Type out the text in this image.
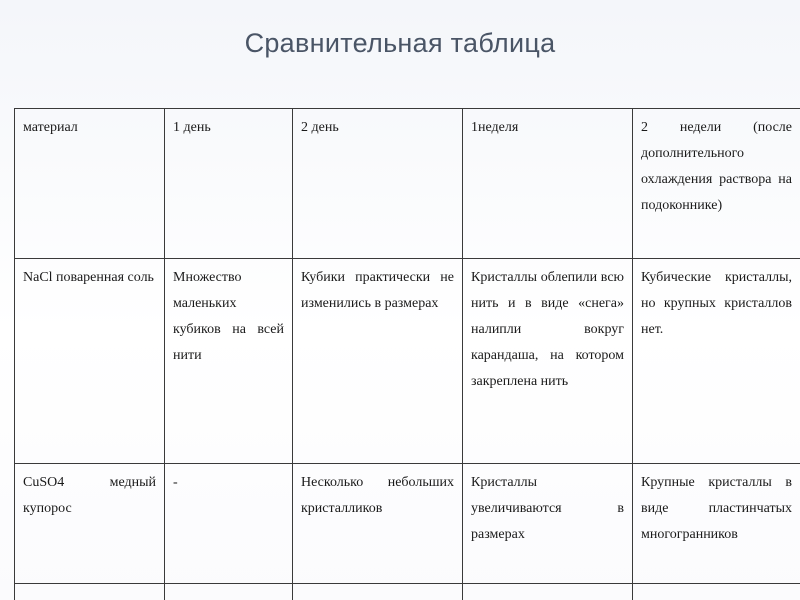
Сравнительная таблица
материал	1 день	2 день	1неделя	2 недели (после дополнительного охлаждения раствора на подоконнике)

NaCl поваренная соль	Множество маленьких кубиков на всей нити	Кубики практически не изменились в размерах	Кристаллы облепили всю нить и в виде «снега» налипли вокруг карандаша, на котором закреплена нить	Кубические кристаллы, но крупных кристаллов нет.
CuSO4 медный купорос	-	Несколько небольших кристалликов	Кристаллы увеличиваются в размерах	Крупные кристаллы в виде пластинчатых многогранников
